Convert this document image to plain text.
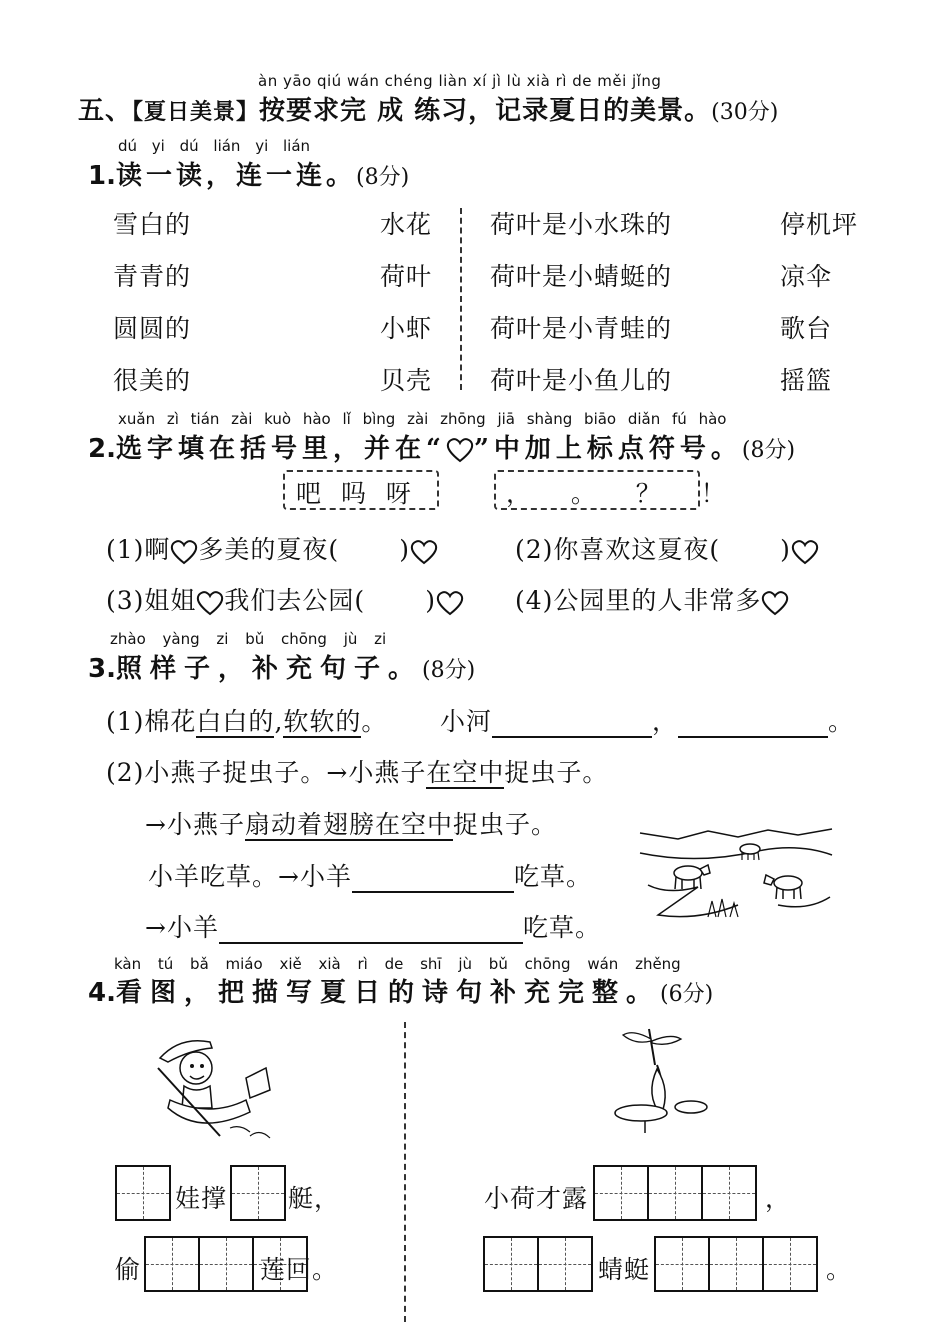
àn yāo qiú wán chéng liàn xí jì lù xià rì de měi jǐng
五、【夏日美景】按要求完 成 练习，记录夏日的美景。(30分)
dú yi dú lián yi lián
1.读一读，连一连。(8分)
雪白的
青青的
圆圆的
很美的
水花
荷叶
小虾
贝壳
荷叶是小水珠的
荷叶是小蜻蜓的
荷叶是小青蛙的
荷叶是小鱼儿的
停机坪
凉伞
歌台
摇篮
xuǎn zì tián zài kuò hào lǐ bìng zài zhōng jiā shàng biāo diǎn fú hào
2.选字填在括号里，并在“ ”中加上标点符号。(8分)
吧 吗 呀	，  。  ？  ！
(1)啊 多美的夏夜( )	(2)你喜欢这夏夜( )
(3)姐姐 我们去公园( )	(4)公园里的人非常多
zhào yàng zi bǔ chōng jù zi
3.照样子，补充句子。(8分)
(1)棉花白白的,软软的。 小河	，	。
(2)小燕子捉虫子。→小燕子在空中捉虫子。
→小燕子扇动着翅膀在空中捉虫子。
小羊吃草。→小羊	吃草。
→小羊	吃草。
kàn tú bǎ miáo xiě xià rì de shī jù bǔ chōng wán zhěng
4.看图，把描写夏日的诗句补充完整。(6分)
娃撑 艇，
偷	莲回。
小荷才露	，
蜻蜓	。
